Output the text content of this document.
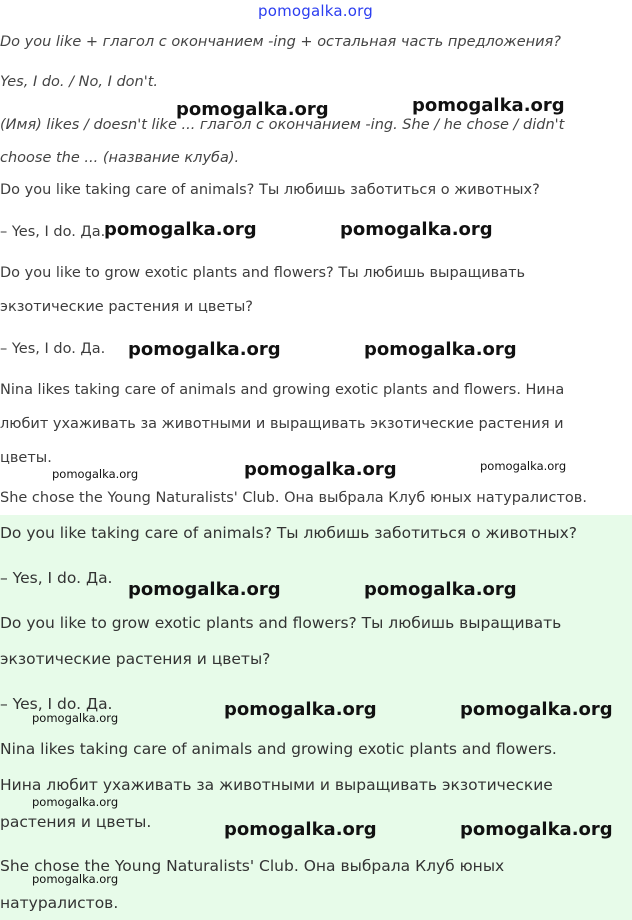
pomogalka.org
Do you like + глагол с окончанием -ing + остальная часть предложения?
Yes, I do. / No, I don't.
(Имя) likes / doesn't like ... глагол с окончанием -ing. She / he chose / didn't
choose the ... (название клуба).
Do you like taking care of animals? Ты любишь заботиться о животных?
– Yes, I do. Да.
Do you like to grow exotic plants and flowers? Ты любишь выращивать
экзотические растения и цветы?
– Yes, I do. Да.
Nina likes taking care of animals and growing exotic plants and flowers. Нина
любит ухаживать за животными и выращивать экзотические растения и
цветы.
She chose the Young Naturalists' Club. Она выбрала Клуб юных натуралистов.
Do you like taking care of animals? Ты любишь заботиться о животных?
– Yes, I do. Да.
Do you like to grow exotic plants and flowers? Ты любишь выращивать
экзотические растения и цветы?
– Yes, I do. Да.
Nina likes taking care of animals and growing exotic plants and flowers.
Нина любит ухаживать за животными и выращивать экзотические
растения и цветы.
She chose the Young Naturalists' Club. Она выбрала Клуб юных
натуралистов.
pomogalka.org	pomogalka.org
pomogalka.org	pomogalka.org
pomogalka.org	pomogalka.org
pomogalka.org	pomogalka.org	pomogalka.org
pomogalka.org	pomogalka.org
pomogalka.org	pomogalka.org	pomogalka.org
pomogalka.org
pomogalka.org	pomogalka.org
pomogalka.org
